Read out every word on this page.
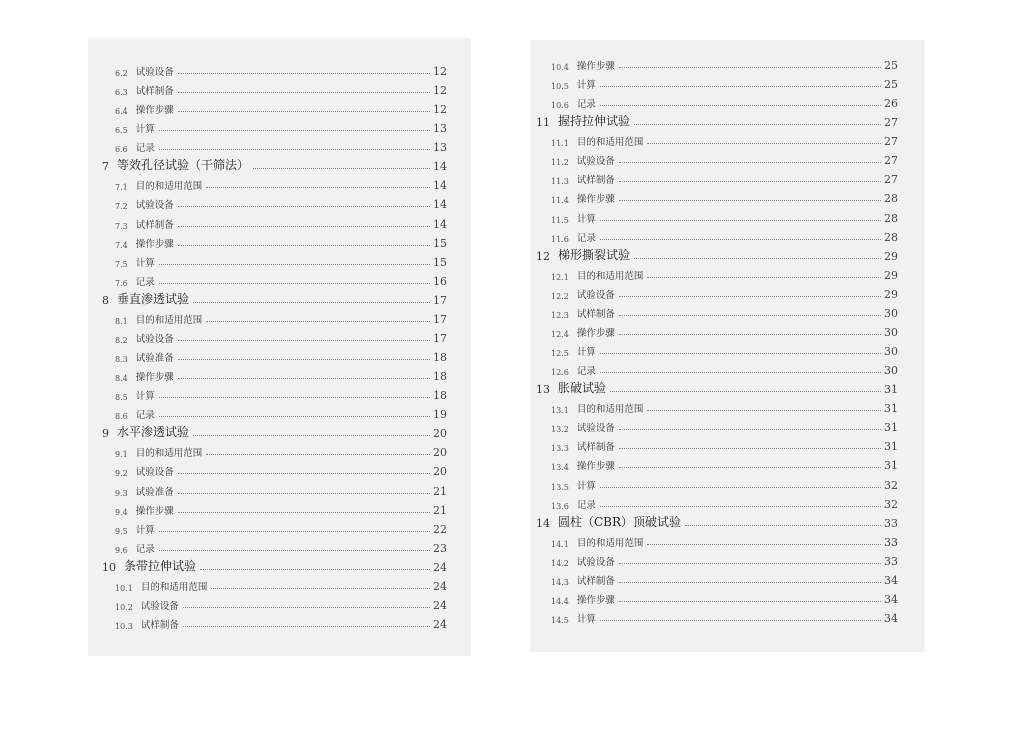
6.2 试验设备	12
6.3 试样制备	12
6.4 操作步骤	12
6.5 计算	13
6.6 记录	13
7 等效孔径试验（干筛法）	14
7.1 目的和适用范围	14
7.2 试验设备	14
7.3 试样制备	14
7.4 操作步骤	15
7.5 计算	15
7.6 记录	16
8 垂直渗透试验	17
8.1 目的和适用范围	17
8.2 试验设备	17
8.3 试验准备	18
8.4 操作步骤	18
8.5 计算	18
8.6 记录	19
9 水平渗透试验	20
9.1 目的和适用范围	20
9.2 试验设备	20
9.3 试验准备	21
9.4 操作步骤	21
9.5 计算	22
9.6 记录	23
10 条带拉伸试验	24
10.1 目的和适用范围	24
10.2 试验设备	24
10.3 试样制备	24
10.4 操作步骤	25
10.5 计算	25
10.6 记录	26
11 握持拉伸试验	27
11.1 目的和适用范围	27
11.2 试验设备	27
11.3 试样制备	27
11.4 操作步骤	28
11.5 计算	28
11.6 记录	28
12 梯形撕裂试验	29
12.1 目的和适用范围	29
12.2 试验设备	29
12.3 试样制备	30
12.4 操作步骤	30
12.5 计算	30
12.6 记录	30
13 胀破试验	31
13.1 目的和适用范围	31
13.2 试验设备	31
13.3 试样制备	31
13.4 操作步骤	31
13.5 计算	32
13.6 记录	32
14 圆柱（CBR）顶破试验	33
14.1 目的和适用范围	33
14.2 试验设备	33
14.3 试样制备	34
14.4 操作步骤	34
14.5 计算	34
